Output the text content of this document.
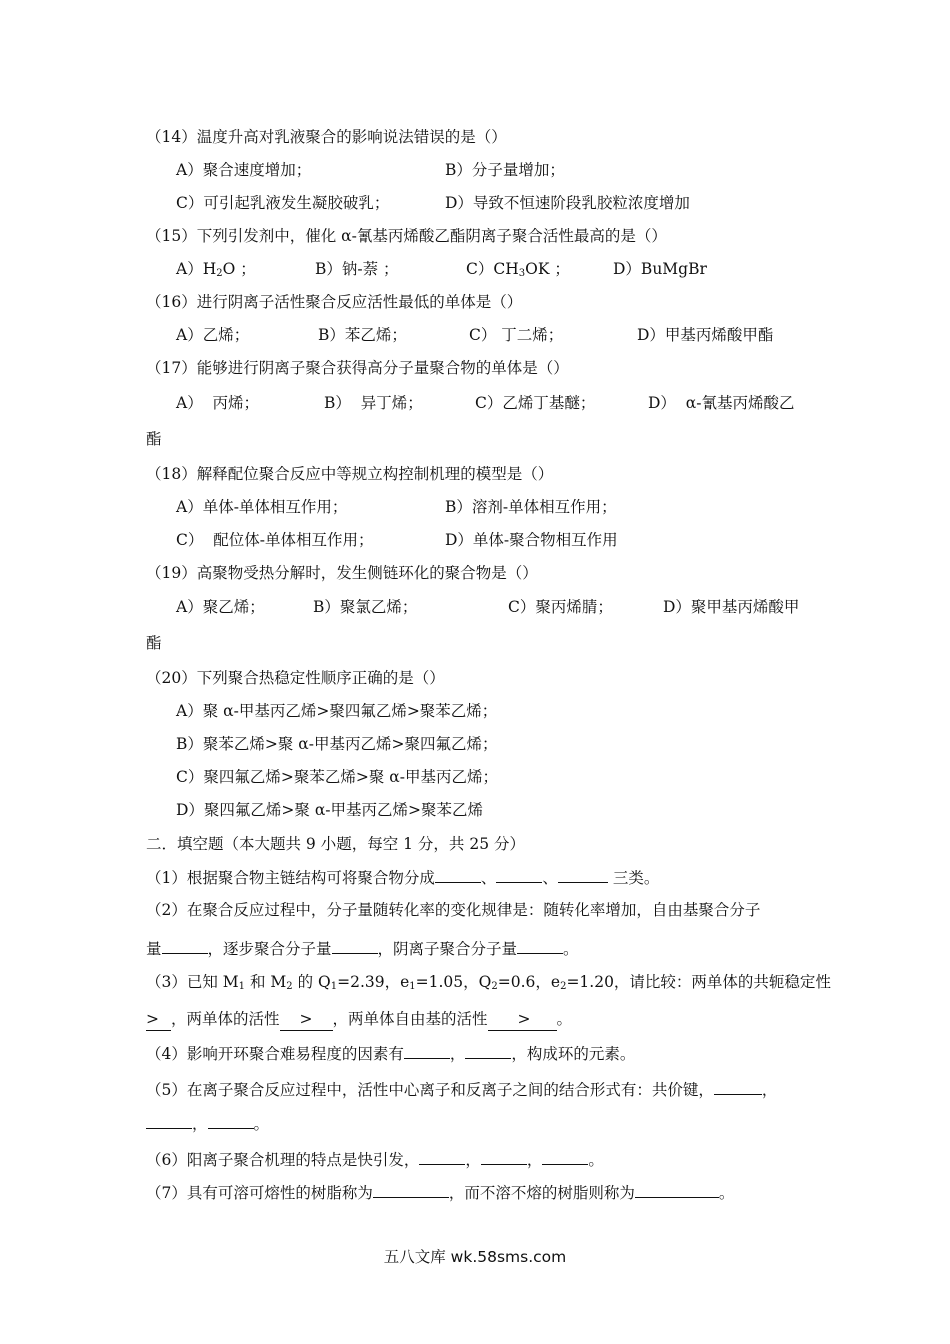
（14）温度升高对乳液聚合的影响说法错误的是（）
A）聚合速度增加；	B）分子量增加；
C）可引起乳液发生凝胶破乳；	D）导致不恒速阶段乳胶粒浓度增加
（15）下列引发剂中，催化 α-氰基丙烯酸乙酯阴离子聚合活性最高的是（）
$A)H_2O$ ；	B）钠-萘 ；	$C)CH_3OK$ ；	D）BuMgBr
（16）进行阴离子活性聚合反应活性最低的单体是（）
A）乙烯；	B）苯乙烯；	C） 丁二烯；	D）甲基丙烯酸甲酯
（17）能够进行阴离子聚合获得高分子量聚合物的单体是（）
A）  丙烯；	B）  异丁烯；	C）乙烯丁基醚；	D）  α-氰基丙烯酸乙
酯
（18）解释配位聚合反应中等规立构控制机理的模型是（）
A）单体-单体相互作用；	B）溶剂-单体相互作用；
C）  配位体-单体相互作用；	D）单体-聚合物相互作用
（19）高聚物受热分解时，发生侧链环化的聚合物是（）
A）聚乙烯；	B）聚氯乙烯；	C）聚丙烯腈；	D）聚甲基丙烯酸甲
酯
（20）下列聚合热稳定性顺序正确的是（）
A）聚 α-甲基丙乙烯>聚四氟乙烯>聚苯乙烯；
B）聚苯乙烯>聚 α-甲基丙乙烯>聚四氟乙烯；
C）聚四氟乙烯>聚苯乙烯>聚 α-甲基丙乙烯；
D）聚四氟乙烯>聚 α-甲基丙乙烯>聚苯乙烯
二．填空题（本大题共 9 小题，每空 1 分，共 25 分）
（1）根据聚合物主链结构可将聚合物分成	、	、	三类。
（2）在聚合反应过程中，分子量随转化率的变化规律是：随转化率增加，自由基聚合分子
量	，逐步聚合分子量	，阴离子聚合分子量	。
（3）已知 $M_1$ 和 $M_2$ 的 $Q_1=2.39$，$e_1=1.05$，$Q_2=0.6$，$e_2=1.20$，请比较：两单体的共轭稳定性
> ，两单体的活性 > ，两单体自由基的活性 > 。
（4）影响开环聚合难易程度的因素有	，	，构成环的元素。
（5）在离子聚合反应过程中，活性中心离子和反离子之间的结合形式有：共价键，	，
，	。
（6）阳离子聚合机理的特点是快引发，	，	，	。
（7）具有可溶可熔性的树脂称为	，而不溶不熔的树脂则称为	。
五八文库 wk.58sms.com
